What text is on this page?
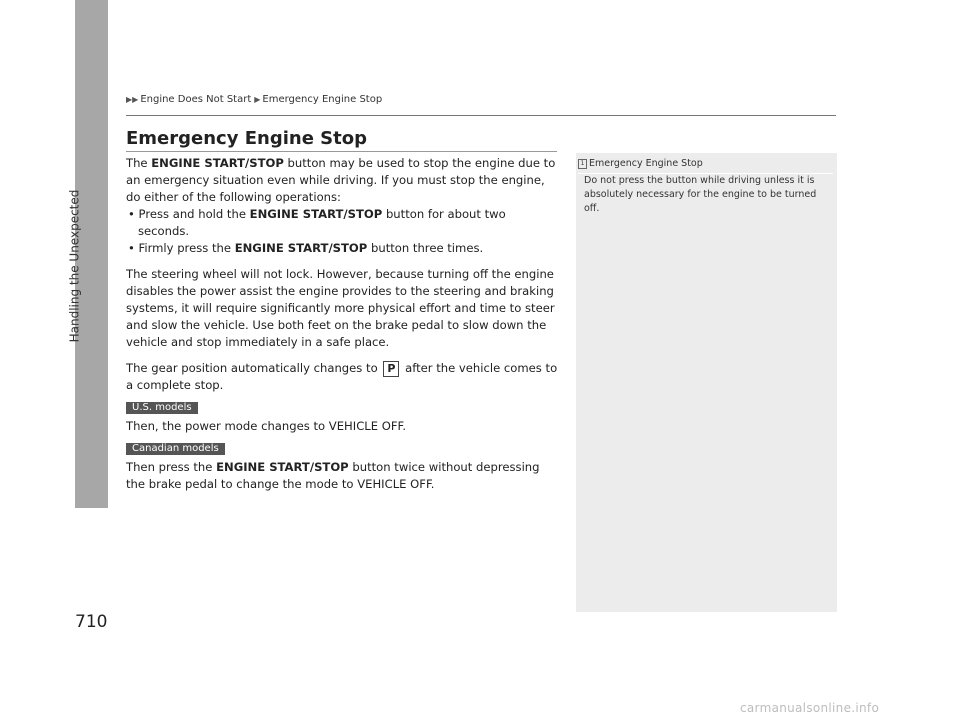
Handling the Unexpected
710
▶▶ Engine Does Not Start ▶ Emergency Engine Stop
Emergency Engine Stop

The ENGINE START/STOP button may be used to stop the engine due to an emergency situation even while driving. If you must stop the engine, do either of the following operations:

• Press and hold the ENGINE START/STOP button for about two seconds.

• Firmly press the ENGINE START/STOP button three times.

The steering wheel will not lock. However, because turning off the engine disables the power assist the engine provides to the steering and braking systems, it will require significantly more physical effort and time to steer and slow the vehicle. Use both feet on the brake pedal to slow down the vehicle and stop immediately in a safe place.

The gear position automatically changes to P after the vehicle comes to a complete stop.

U.S. models

Then, the power mode changes to VEHICLE OFF.

Canadian models

Then press the ENGINE START/STOP button twice without depressing the brake pedal to change the mode to VEHICLE OFF.

1 Emergency Engine Stop
Do not press the button while driving unless it is absolutely necessary for the engine to be turned off.
carmanualsonline.info
